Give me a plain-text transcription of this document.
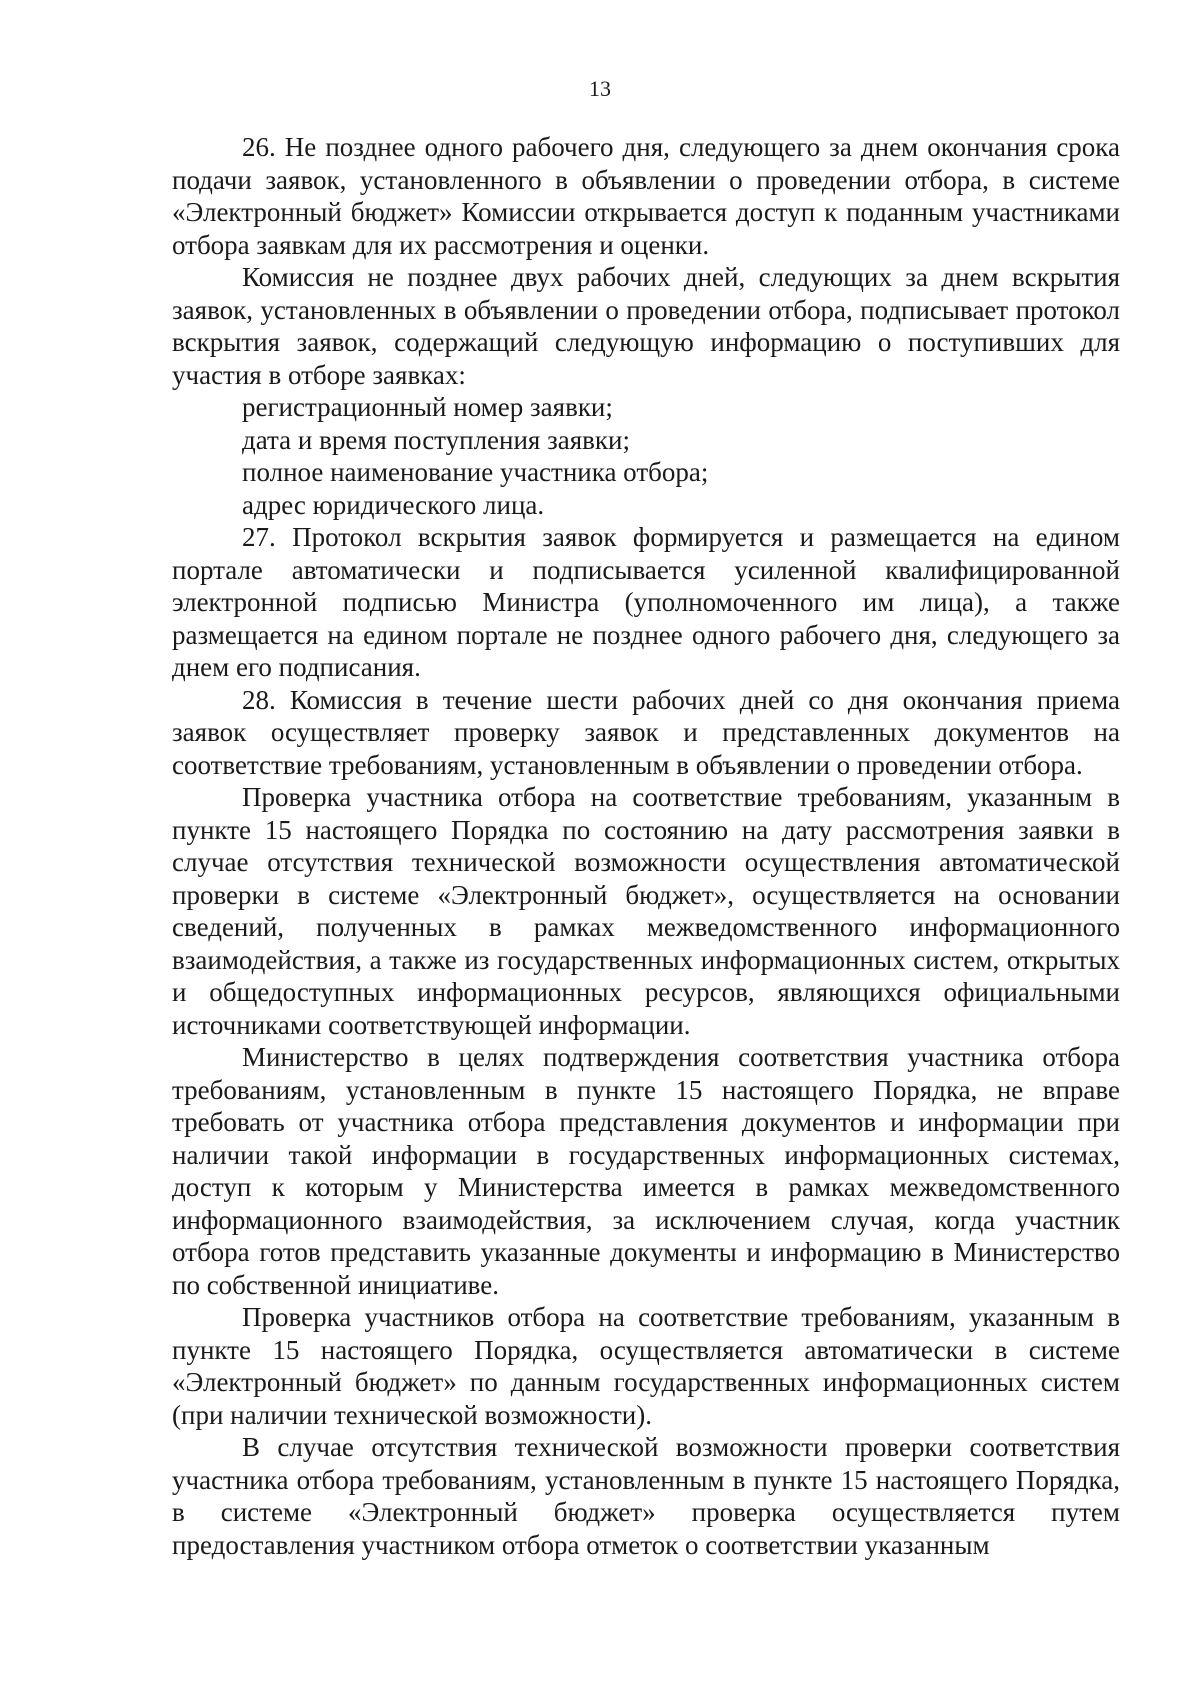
13

26. Не позднее одного рабочего дня, следующего за днем окончания срока подачи заявок, установленного в объявлении о проведении отбора, в системе «Электронный бюджет» Комиссии открывается доступ к поданным участниками отбора заявкам для их рассмотрения и оценки.

Комиссия не позднее двух рабочих дней, следующих за днем вскрытия заявок, установленных в объявлении о проведении отбора, подписывает протокол вскрытия заявок, содержащий следующую информацию о поступивших для участия в отборе заявках:

регистрационный номер заявки;

дата и время поступления заявки;

полное наименование участника отбора;

адрес юридического лица.

27. Протокол вскрытия заявок формируется и размещается на едином портале автоматически и подписывается усиленной квалифицированной электронной подписью Министра (уполномоченного им лица), а также размещается на едином портале не позднее одного рабочего дня, следующего за днем его подписания.

28. Комиссия в течение шести рабочих дней со дня окончания приема заявок осуществляет проверку заявок и представленных документов на соответствие требованиям, установленным в объявлении о проведении отбора.

Проверка участника отбора на соответствие требованиям, указанным в пункте 15 настоящего Порядка по состоянию на дату рассмотрения заявки в случае отсутствия технической возможности осуществления автоматической проверки в системе «Электронный бюджет», осуществляется на основании сведений, полученных в рамках межведомственного информационного взаимодействия, а также из государственных информационных систем, открытых и общедоступных информационных ресурсов, являющихся официальными источниками соответствующей информации.

Министерство в целях подтверждения соответствия участника отбора требованиям, установленным в пункте 15 настоящего Порядка, не вправе требовать от участника отбора представления документов и информации при наличии такой информации в государственных информационных системах, доступ к которым у Министерства имеется в рамках межведомственного информационного взаимодействия, за исключением случая, когда участник отбора готов представить указанные документы и информацию в Министерство по собственной инициативе.

Проверка участников отбора на соответствие требованиям, указанным в пункте 15 настоящего Порядка, осуществляется автоматически в системе «Электронный бюджет» по данным государственных информационных систем (при наличии технической возможности).

В случае отсутствия технической возможности проверки соответствия участника отбора требованиям, установленным в пункте 15 настоящего Порядка, в системе «Электронный бюджет» проверка осуществляется путем предоставления участником отбора отметок о соответствии указанным
